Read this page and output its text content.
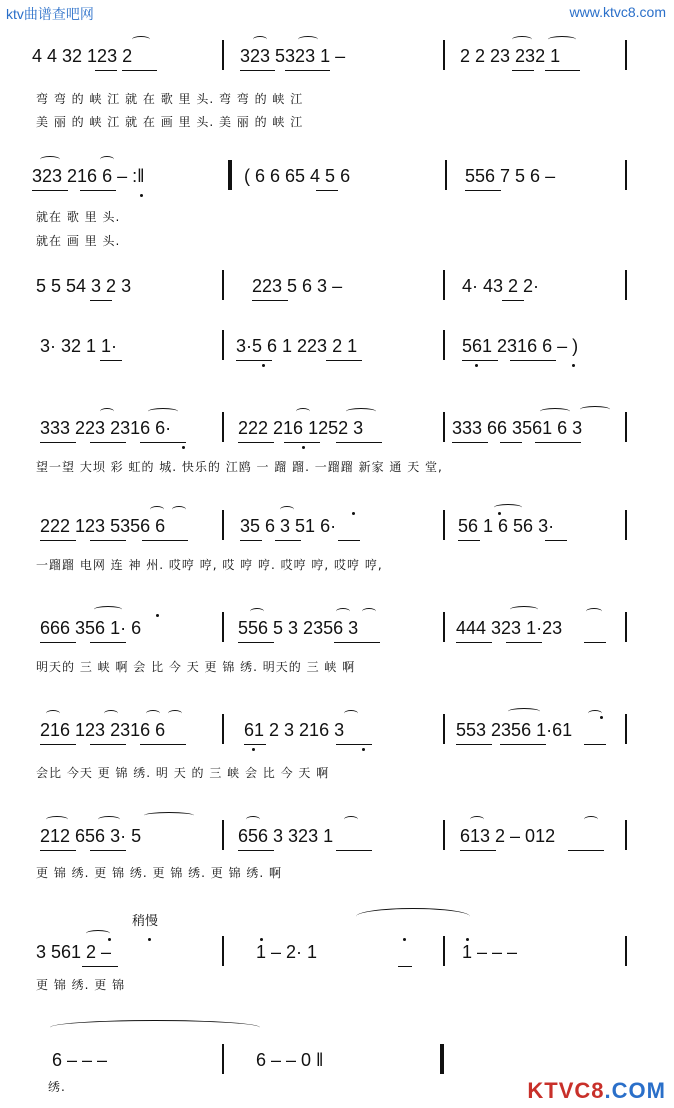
ktv曲谱查吧网	www.ktvc8.com
KTVC8.COM
4 4 32 123 2	323 5323 1 –	2 2 23 232 1
弯 弯 的 峡 江 就 在 歌 里 头. 弯 弯 的 峡 江
美 丽 的 峡 江 就 在 画 里 头. 美 丽 的 峡 江
323 216 6 – :‖	( 6 6 65 4 5 6	556 7 5 6 –
就在 歌 里 头.
就在 画 里 头.
5 5 54 3 2 3	223 5 6 3 –	4· 43 2 2·
3· 32 1 1·	3·5 6 1 223 2 1	561 2316 6 – )
333 223 2316 6·	222 216 1252 3	333 66 3561 6 3
望一望 大坝 彩 虹的 城. 快乐的 江鸥 一 蹓 蹓. 一蹓蹓 新家 通 天 堂,
222 123 5356 6	35 6 3 51 6·	56 1 6 56 3·
一蹓蹓 电网 连 神 州. 哎哼 哼, 哎 哼 哼. 哎哼 哼, 哎哼 哼,
666 356 1· 6	556 5 3 2356 3	444 323 1·23
明天的 三 峡 啊 会 比 今 天 更 锦 绣. 明天的 三 峡 啊
216 123 2316 6	61 2 3 216 3	553 2356 1·61
会比 今天 更 锦 绣. 明 天 的 三 峡 会 比 今 天 啊
212 656 3· 5	656 3 323 1	613 2 – 012
更 锦 绣. 更 锦 绣. 更 锦 绣. 更 锦 绣. 啊
稍慢
3 561 2 –	1 – 2· 1	1 – – –
更 锦 绣. 更 锦
6 – – –	6 – – 0 ‖
绣.
